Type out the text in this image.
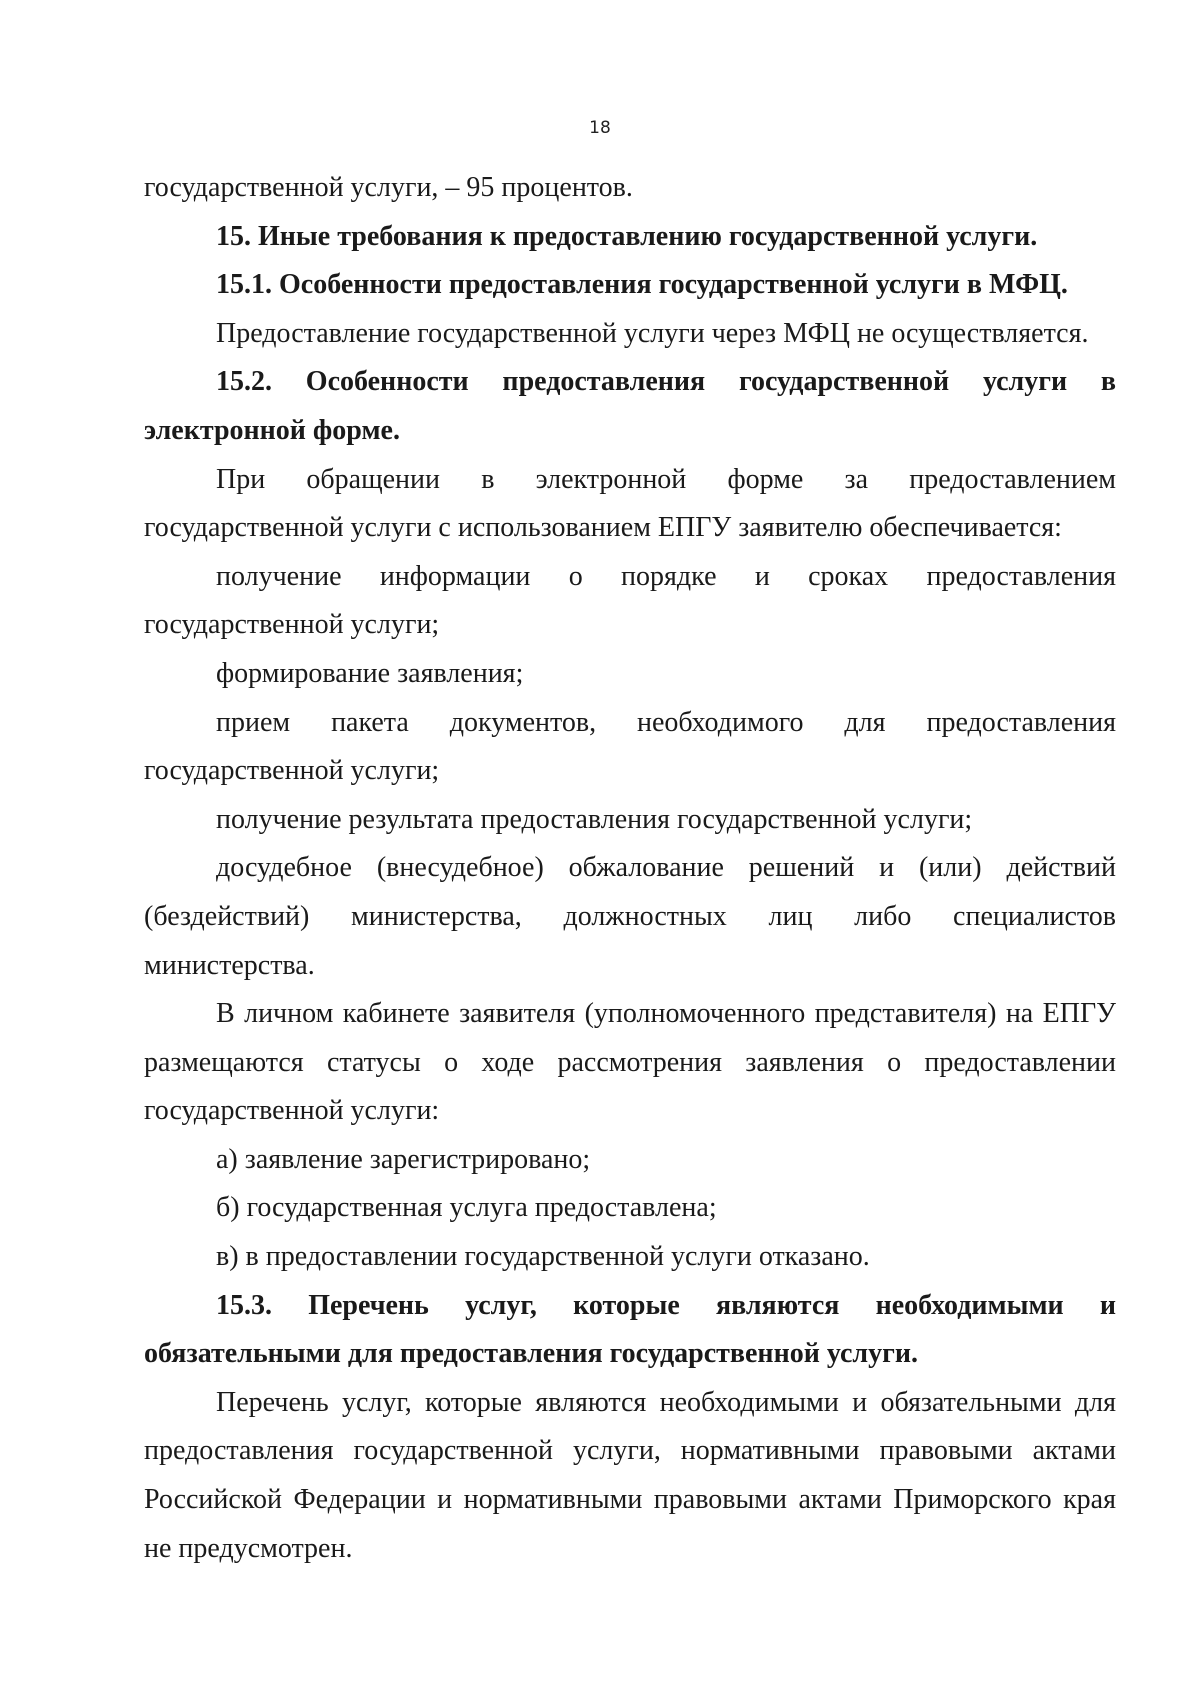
18

государственной услуги, – 95 процентов.

15. Иные требования к предоставлению государственной услуги.

15.1. Особенности предоставления государственной услуги в МФЦ.

Предоставление государственной услуги через МФЦ не осуществляется.

15.2. Особенности предоставления государственной услуги в электронной форме.

При обращении в электронной форме за предоставлением государственной услуги с использованием ЕПГУ заявителю обеспечивается:

получение информации о порядке и сроках предоставления государственной услуги;

формирование заявления;

прием пакета документов, необходимого для предоставления государственной услуги;

получение результата предоставления государственной услуги;

досудебное (внесудебное) обжалование решений и (или) действий (бездействий) министерства, должностных лиц либо специалистов министерства.

В личном кабинете заявителя (уполномоченного представителя) на ЕПГУ размещаются статусы о ходе рассмотрения заявления о предоставлении государственной услуги:

а) заявление зарегистрировано;

б) государственная услуга предоставлена;

в) в предоставлении государственной услуги отказано.

15.3. Перечень услуг, которые являются необходимыми и обязательными для предоставления государственной услуги.

Перечень услуг, которые являются необходимыми и обязательными для предоставления государственной услуги, нормативными правовыми актами Российской Федерации и нормативными правовыми актами Приморского края не предусмотрен.
